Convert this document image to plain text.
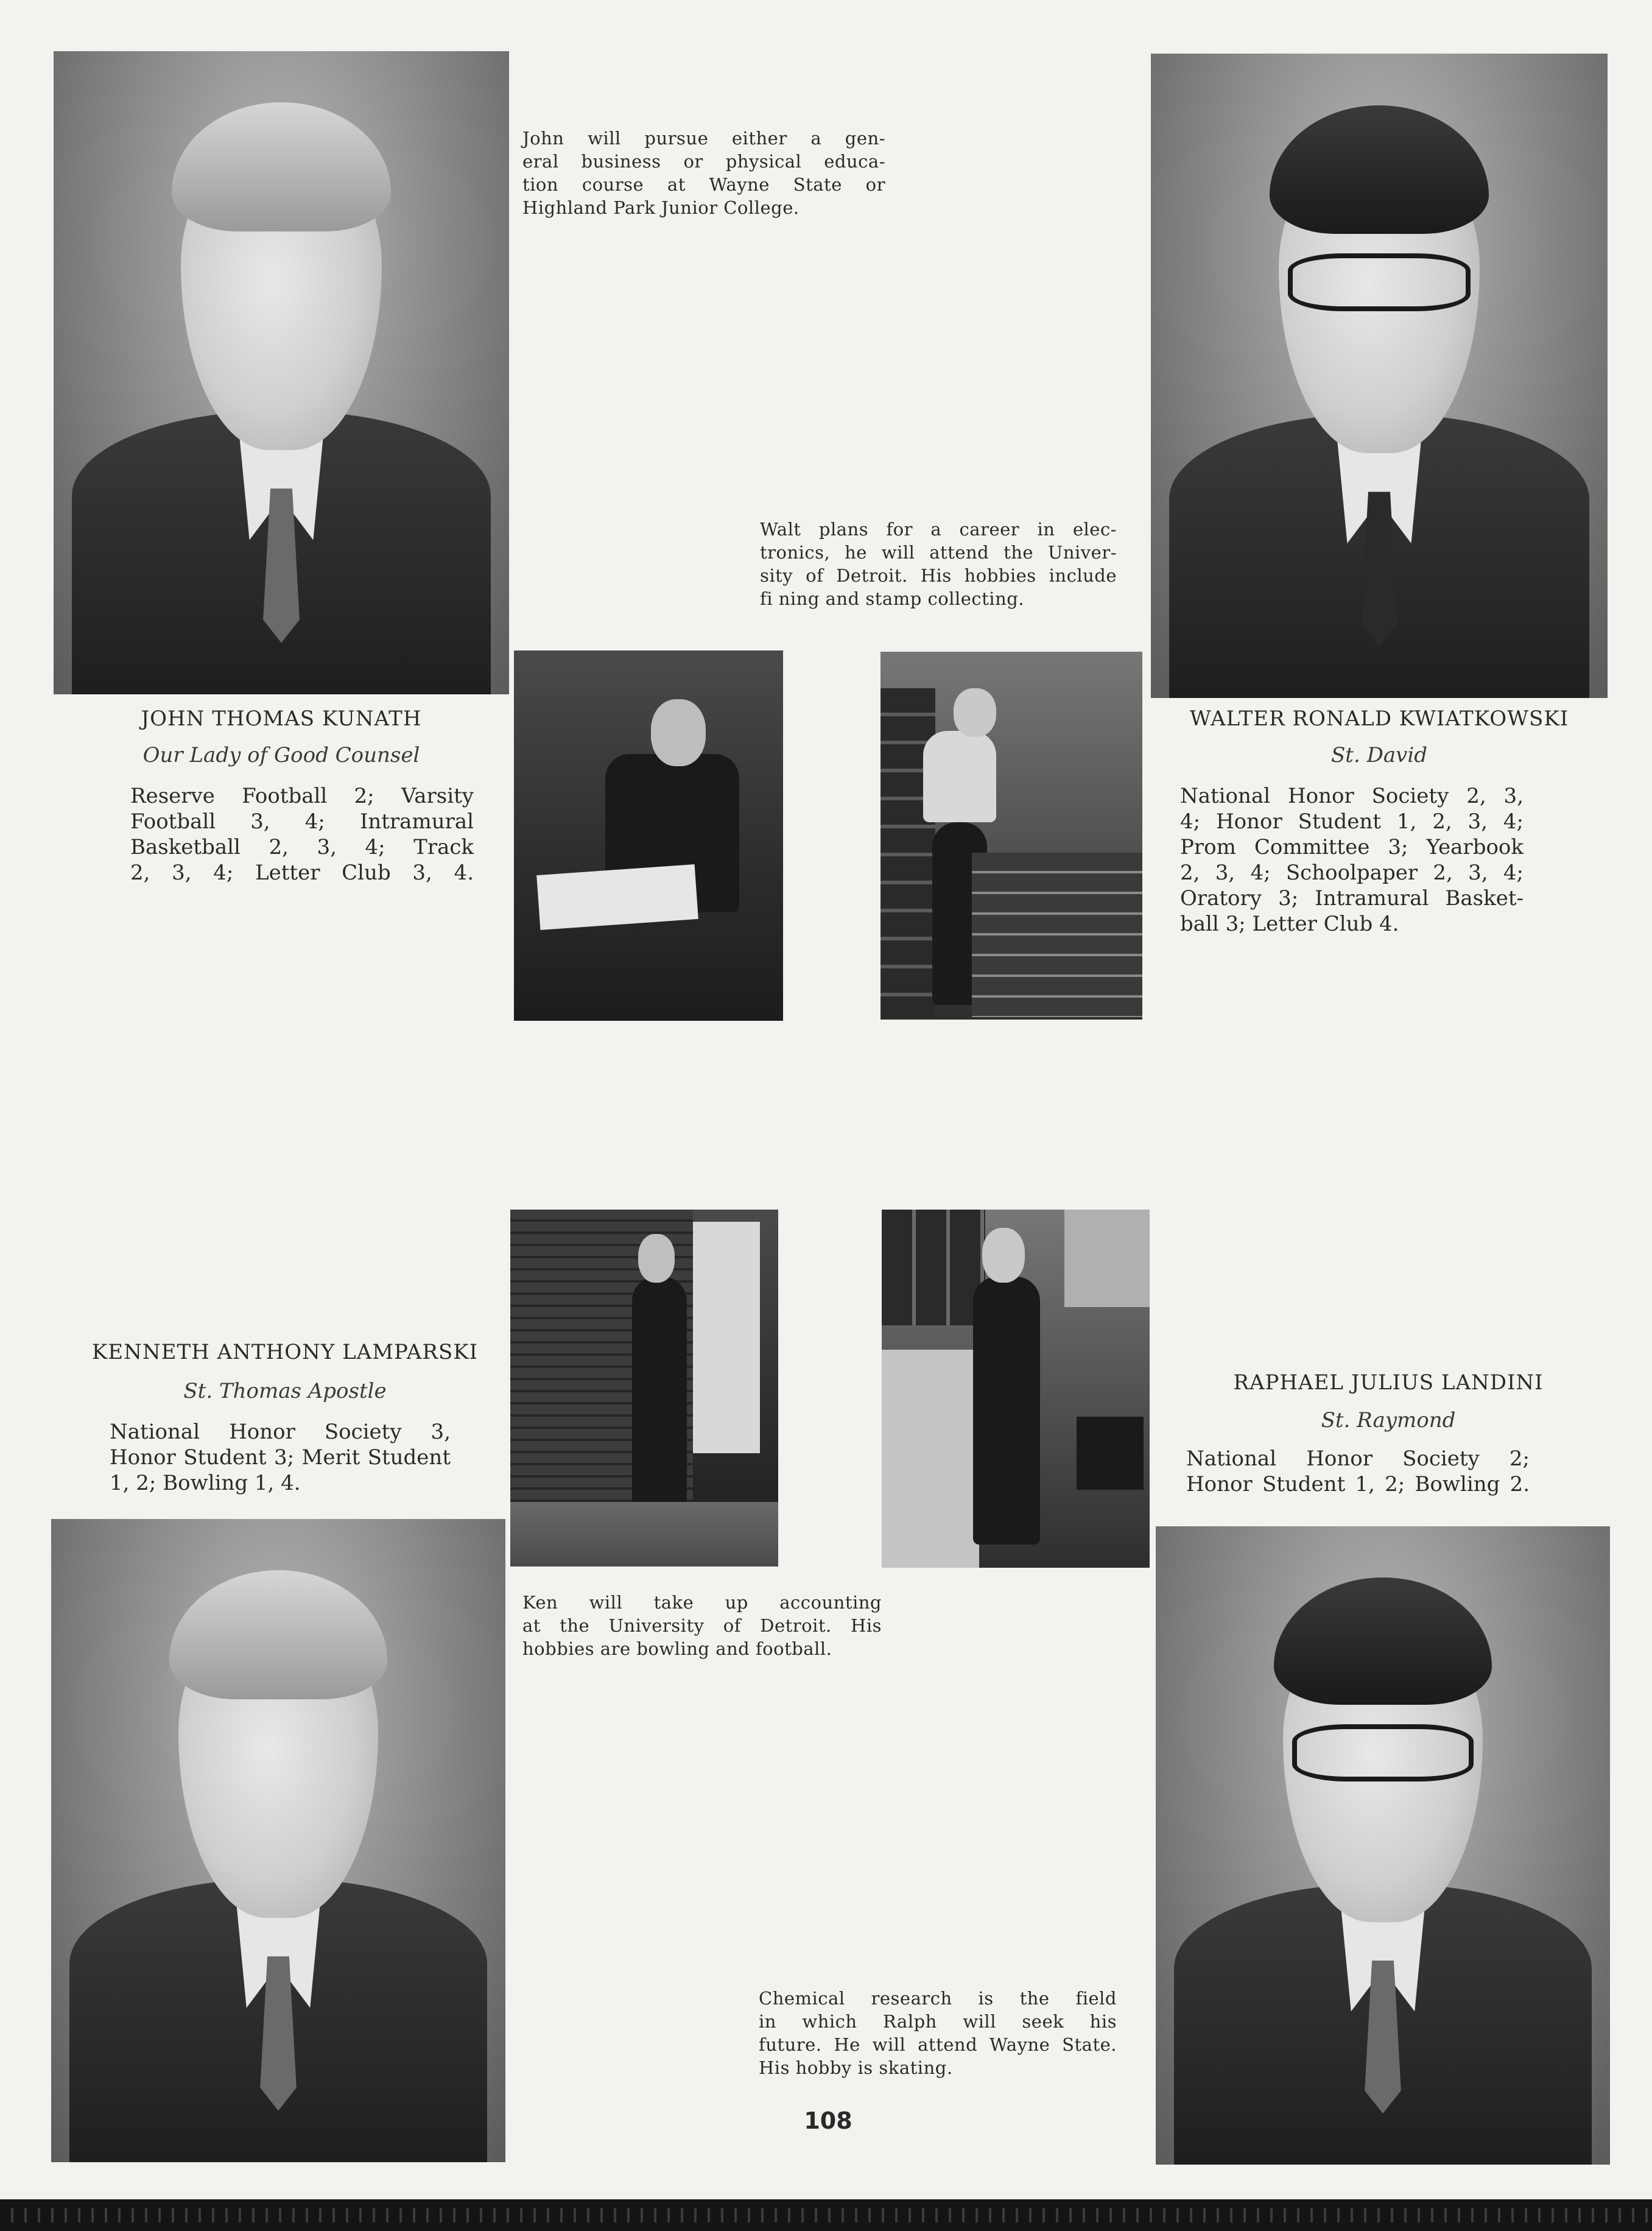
John will pursue either a gen-
eral business or physical educa-
tion course at Wayne State or
Highland Park Junior College.
JOHN THOMAS KUNATH
Our Lady of Good Counsel
Reserve Football 2; Varsity
Football 3, 4; Intramural
Basketball 2, 3, 4; Track
2, 3, 4; Letter Club 3, 4.
Walt plans for a career in elec-
tronics, he will attend the Univer-
sity of Detroit. His hobbies include
fi ning and stamp collecting.
WALTER RONALD KWIATKOWSKI
St. David
National Honor Society 2, 3,
4; Honor Student 1, 2, 3, 4;
Prom Committee 3; Yearbook
2, 3, 4; Schoolpaper 2, 3, 4;
Oratory 3; Intramural Basket-
ball 3; Letter Club 4.
KENNETH ANTHONY LAMPARSKI
St. Thomas Apostle
National Honor Society 3,
Honor Student 3; Merit Student
1, 2; Bowling 1, 4.
Ken will take up accounting
at the University of Detroit. His
hobbies are bowling and football.
RAPHAEL JULIUS LANDINI
St. Raymond
National Honor Society 2;
Honor Student 1, 2; Bowling 2.
Chemical research is the field
in which Ralph will seek his
future. He will attend Wayne State.
His hobby is skating.
108
